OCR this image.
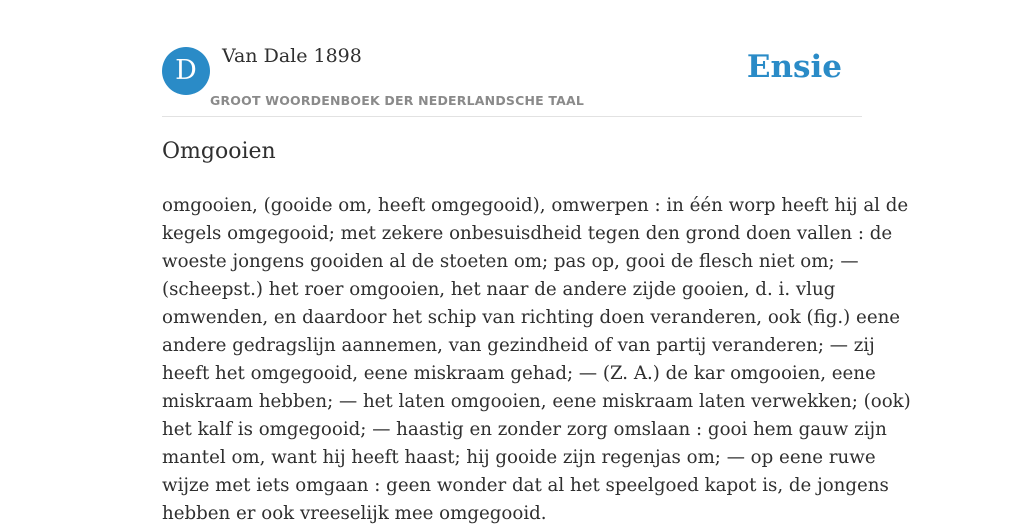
D	Van Dale 1898
GROOT WOORDENBOEK DER NEDERLANDSCHE TAAL
Ensie
Omgooien

omgooien, (gooide om, heeft omgegooid), omwerpen : in één worp heeft hij al de
kegels omgegooid; met zekere onbesuisdheid tegen den grond doen vallen : de
woeste jongens gooiden al de stoeten om; pas op, gooi de flesch niet om; —
(scheepst.) het roer omgooien, het naar de andere zijde gooien, d. i. vlug
omwenden, en daardoor het schip van richting doen veranderen, ook (fig.) eene
andere gedragslijn aannemen, van gezindheid of van partij veranderen; — zij
heeft het omgegooid, eene miskraam gehad; — (Z. A.) de kar omgooien, eene
miskraam hebben; — het laten omgooien, eene miskraam laten verwekken; (ook)
het kalf is omgegooid; — haastig en zonder zorg omslaan : gooi hem gauw zijn
mantel om, want hij heeft haast; hij gooide zijn regenjas om; — op eene ruwe
wijze met iets omgaan : geen wonder dat al het speelgoed kapot is, de jongens
hebben er ook vreeselijk mee omgegooid.
